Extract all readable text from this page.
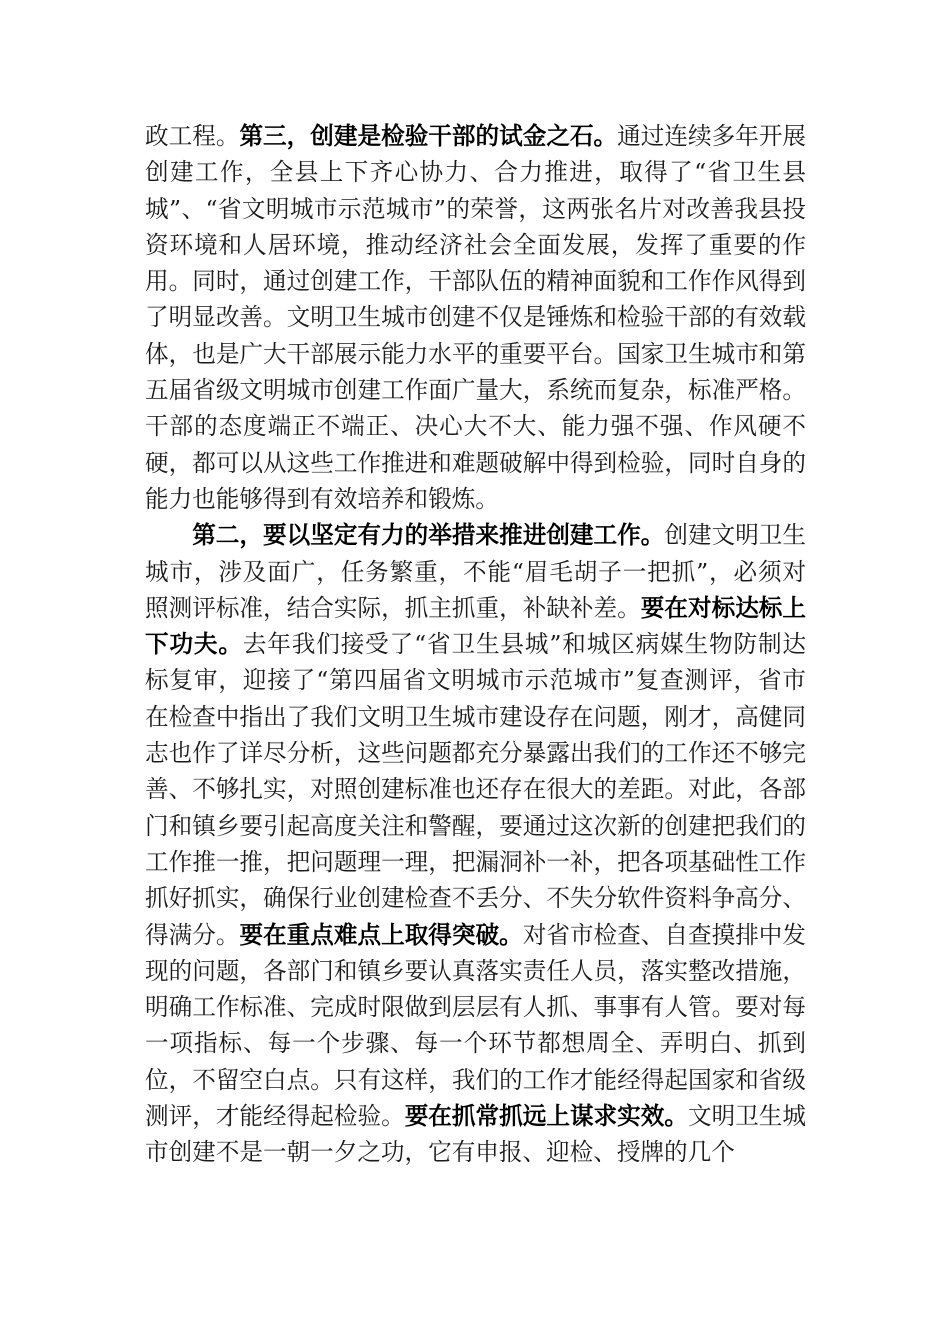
政工程。第三，创建是检验干部的试金之石。通过连续多年开展创建工作，全县上下齐心协力、合力推进，取得了“省卫生县城”、“省文明城市示范城市”的荣誉，这两张名片对改善我县投资环境和人居环境，推动经济社会全面发展，发挥了重要的作用。同时，通过创建工作，干部队伍的精神面貌和工作作风得到了明显改善。文明卫生城市创建不仅是锤炼和检验干部的有效载体，也是广大干部展示能力水平的重要平台。国家卫生城市和第五届省级文明城市创建工作面广量大，系统而复杂，标准严格。干部的态度端正不端正、决心大不大、能力强不强、作风硬不硬，都可以从这些工作推进和难题破解中得到检验，同时自身的能力也能够得到有效培养和锻炼。

第二，要以坚定有力的举措来推进创建工作。创建文明卫生城市，涉及面广，任务繁重，不能“眉毛胡子一把抓”，必须对照测评标准，结合实际，抓主抓重，补缺补差。要在对标达标上下功夫。去年我们接受了“省卫生县城”和城区病媒生物防制达标复审，迎接了“第四届省文明城市示范城市”复查测评，省市在检查中指出了我们文明卫生城市建设存在问题，刚才，高健同志也作了详尽分析，这些问题都充分暴露出我们的工作还不够完善、不够扎实，对照创建标准也还存在很大的差距。对此，各部门和镇乡要引起高度关注和警醒，要通过这次新的创建把我们的工作推一推，把问题理一理，把漏洞补一补，把各项基础性工作抓好抓实，确保行业创建检查不丢分、不失分软件资料争高分、得满分。要在重点难点上取得突破。对省市检查、自查摸排中发现的问题，各部门和镇乡要认真落实责任人员，落实整改措施，明确工作标准、完成时限做到层层有人抓、事事有人管。要对每一项指标、每一个步骤、每一个环节都想周全、弄明白、抓到位，不留空白点。只有这样，我们的工作才能经得起国家和省级测评，才能经得起检验。要在抓常抓远上谋求实效。文明卫生城市创建不是一朝一夕之功，它有申报、迎检、授牌的几个
